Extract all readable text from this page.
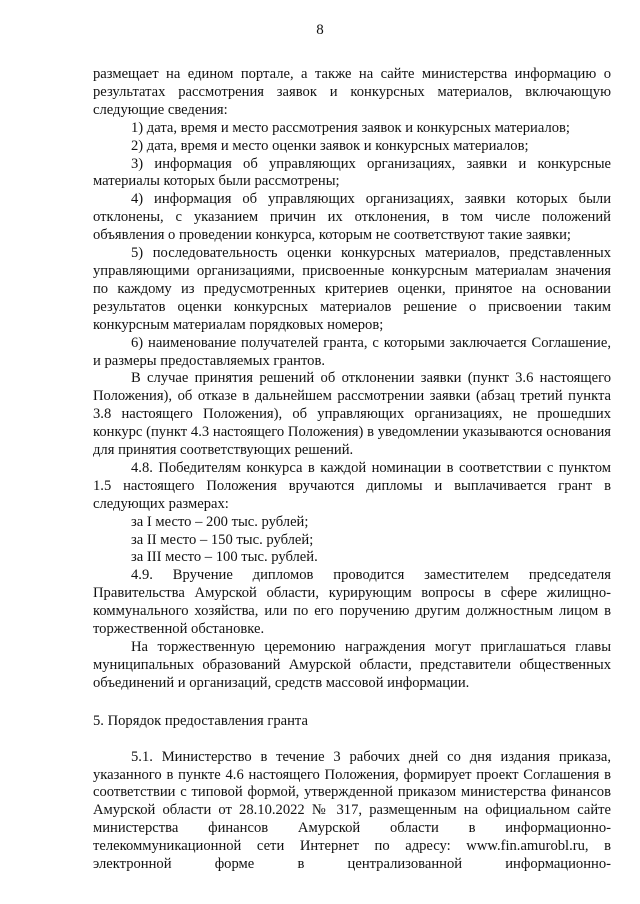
8

размещает на едином портале, а также на сайте министерства информацию о результатах рассмотрения заявок и конкурсных материалов, включающую следующие сведения:

1) дата, время и место рассмотрения заявок и конкурсных материалов;

2) дата, время и место оценки заявок и конкурсных материалов;

3) информация об управляющих организациях, заявки и конкурсные материалы которых были рассмотрены;

4) информация об управляющих организациях, заявки которых были отклонены, с указанием причин их отклонения, в том числе положений объявления о проведении конкурса, которым не соответствуют такие заявки;

5) последовательность оценки конкурсных материалов, представленных управляющими организациями, присвоенные конкурсным материалам значения по каждому из предусмотренных критериев оценки, принятое на основании результатов оценки конкурсных материалов решение о присвоении таким конкурсным материалам порядковых номеров;

6) наименование получателей гранта, с которыми заключается Соглашение, и размеры предоставляемых грантов.

В случае принятия решений об отклонении заявки (пункт 3.6 настоящего Положения), об отказе в дальнейшем рассмотрении заявки (абзац третий пункта 3.8 настоящего Положения), об управляющих организациях, не прошедших конкурс (пункт 4.3 настоящего Положения) в уведомлении указываются основания для принятия соответствующих решений.

4.8. Победителям конкурса в каждой номинации в соответствии с пунктом 1.5 настоящего Положения вручаются дипломы и выплачивается грант в следующих размерах:

за I место – 200 тыс. рублей;

за II место – 150 тыс. рублей;

за III место – 100 тыс. рублей.

4.9. Вручение дипломов проводится заместителем председателя Правительства Амурской области, курирующим вопросы в сфере жилищно-коммунального хозяйства, или по его поручению другим должностным лицом в торжественной обстановке.

На торжественную церемонию награждения могут приглашаться главы муниципальных образований Амурской области, представители общественных объединений и организаций, средств массовой информации.

5. Порядок предоставления гранта

5.1. Министерство в течение 3 рабочих дней со дня издания приказа, указанного в пункте 4.6 настоящего Положения, формирует проект Соглашения в соответствии с типовой формой, утвержденной приказом министерства финансов Амурской области от 28.10.2022 № 317, размещенным на официальном сайте министерства финансов Амурской области в информационно-телекоммуникационной сети Интернет по адресу: www.fin.amurobl.ru, в электронной форме в централизованной информационно-
